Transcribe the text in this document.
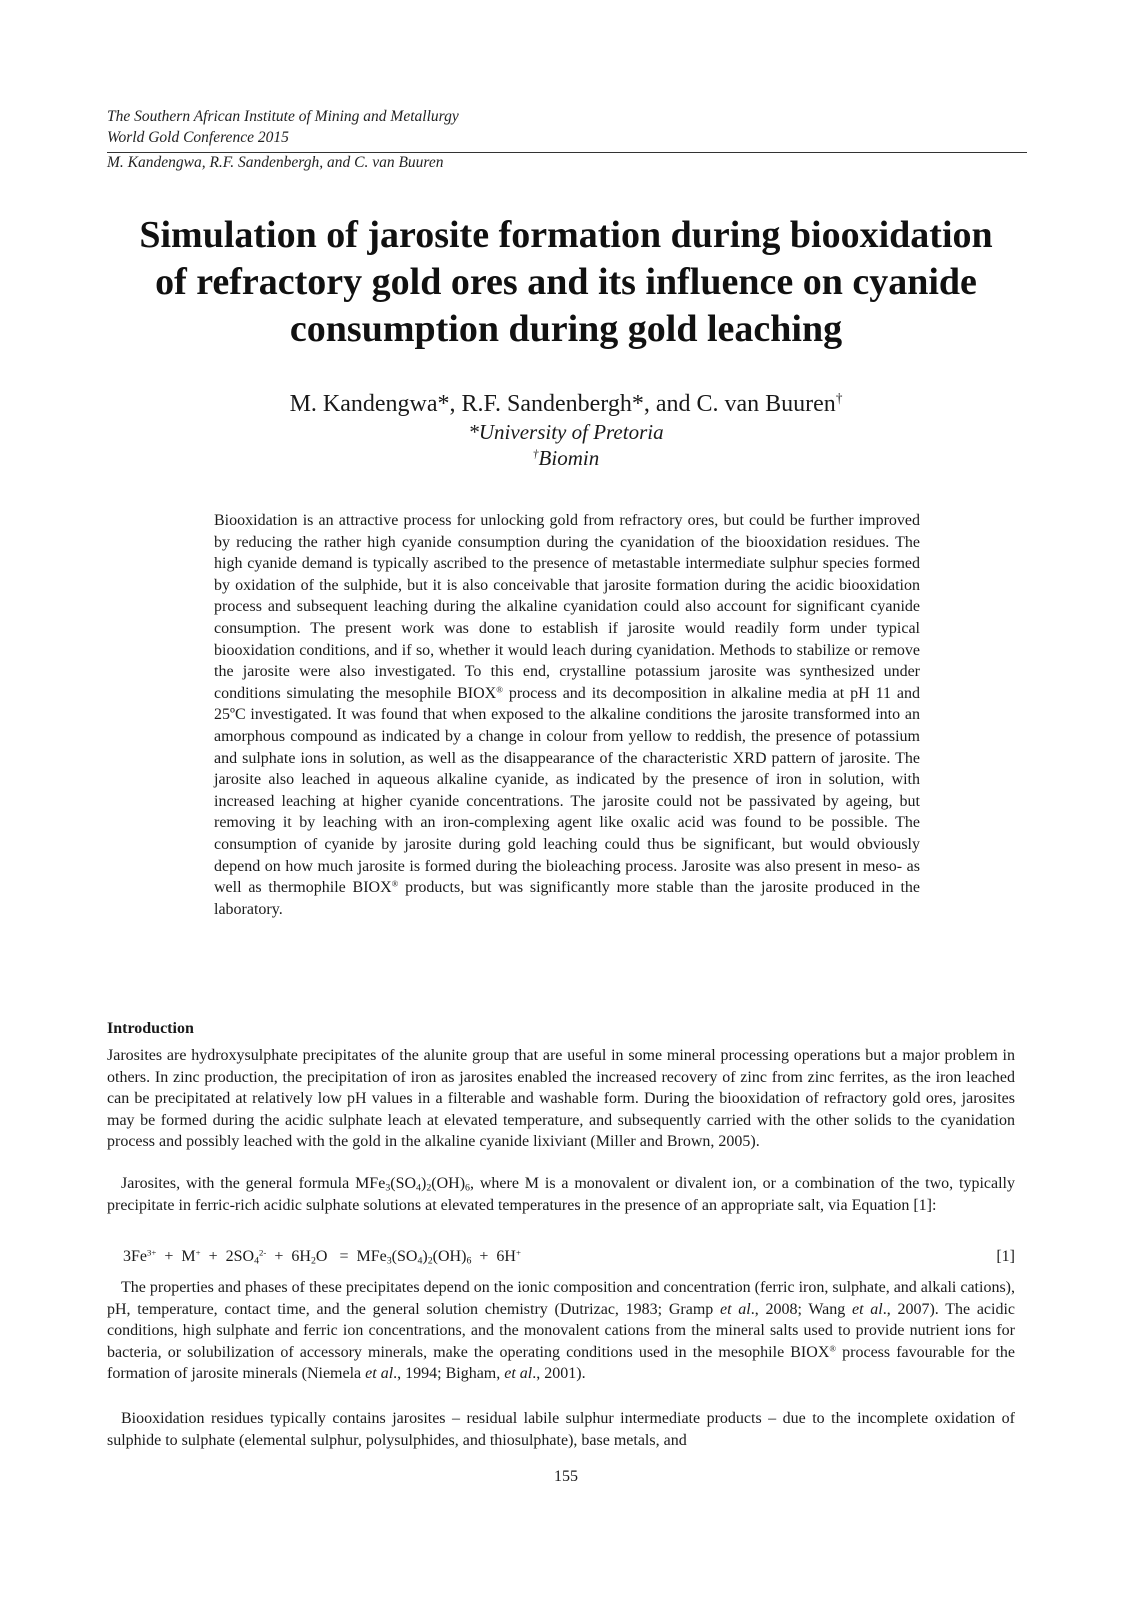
The Southern African Institute of Mining and Metallurgy
World Gold Conference 2015
M. Kandengwa, R.F. Sandenbergh, and C. van Buuren
Simulation of jarosite formation during biooxidation
of refractory gold ores and its influence on cyanide
consumption during gold leaching
M. Kandengwa*, R.F. Sandenbergh*, and C. van Buuren†
*University of Pretoria
†Biomin
Biooxidation is an attractive process for unlocking gold from refractory ores, but could be further improved by reducing the rather high cyanide consumption during the cyanidation of the biooxidation residues. The high cyanide demand is typically ascribed to the presence of metastable intermediate sulphur species formed by oxidation of the sulphide, but it is also conceivable that jarosite formation during the acidic biooxidation process and subsequent leaching during the alkaline cyanidation could also account for significant cyanide consumption. The present work was done to establish if jarosite would readily form under typical biooxidation conditions, and if so, whether it would leach during cyanidation. Methods to stabilize or remove the jarosite were also investigated. To this end, crystalline potassium jarosite was synthesized under conditions simulating the mesophile BIOX® process and its decomposition in alkaline media at pH 11 and 25ºC investigated. It was found that when exposed to the alkaline conditions the jarosite transformed into an amorphous compound as indicated by a change in colour from yellow to reddish, the presence of potassium and sulphate ions in solution, as well as the disappearance of the characteristic XRD pattern of jarosite. The jarosite also leached in aqueous alkaline cyanide, as indicated by the presence of iron in solution, with increased leaching at higher cyanide concentrations. The jarosite could not be passivated by ageing, but removing it by leaching with an iron-complexing agent like oxalic acid was found to be possible. The consumption of cyanide by jarosite during gold leaching could thus be significant, but would obviously depend on how much jarosite is formed during the bioleaching process. Jarosite was also present in meso- as well as thermophile BIOX® products, but was significantly more stable than the jarosite produced in the laboratory.
Introduction
Jarosites are hydroxysulphate precipitates of the alunite group that are useful in some mineral processing operations but a major problem in others. In zinc production, the precipitation of iron as jarosites enabled the increased recovery of zinc from zinc ferrites, as the iron leached can be precipitated at relatively low pH values in a filterable and washable form. During the biooxidation of refractory gold ores, jarosites may be formed during the acidic sulphate leach at elevated temperature, and subsequently carried with the other solids to the cyanidation process and possibly leached with the gold in the alkaline cyanide lixiviant (Miller and Brown, 2005).
Jarosites, with the general formula $MFe_3(SO_4)_2(OH)_6$, where M is a monovalent or divalent ion, or a combination of the two, typically precipitate in ferric-rich acidic sulphate solutions at elevated temperatures in the presence of an appropriate salt, via Equation [1]:
$3Fe^{3+} + M^+ + 2SO_4^{2-} + 6H_2O = MFe_3(SO_4)_2(OH)_6 + 6H^+$	[1]
The properties and phases of these precipitates depend on the ionic composition and concentration (ferric iron, sulphate, and alkali cations), pH, temperature, contact time, and the general solution chemistry (Dutrizac, 1983; Gramp et al., 2008; Wang et al., 2007). The acidic conditions, high sulphate and ferric ion concentrations, and the monovalent cations from the mineral salts used to provide nutrient ions for bacteria, or solubilization of accessory minerals, make the operating conditions used in the mesophile BIOX® process favourable for the formation of jarosite minerals (Niemela et al., 1994; Bigham, et al., 2001).
Biooxidation residues typically contains jarosites – residual labile sulphur intermediate products – due to the incomplete oxidation of sulphide to sulphate (elemental sulphur, polysulphides, and thiosulphate), base metals, and
155
